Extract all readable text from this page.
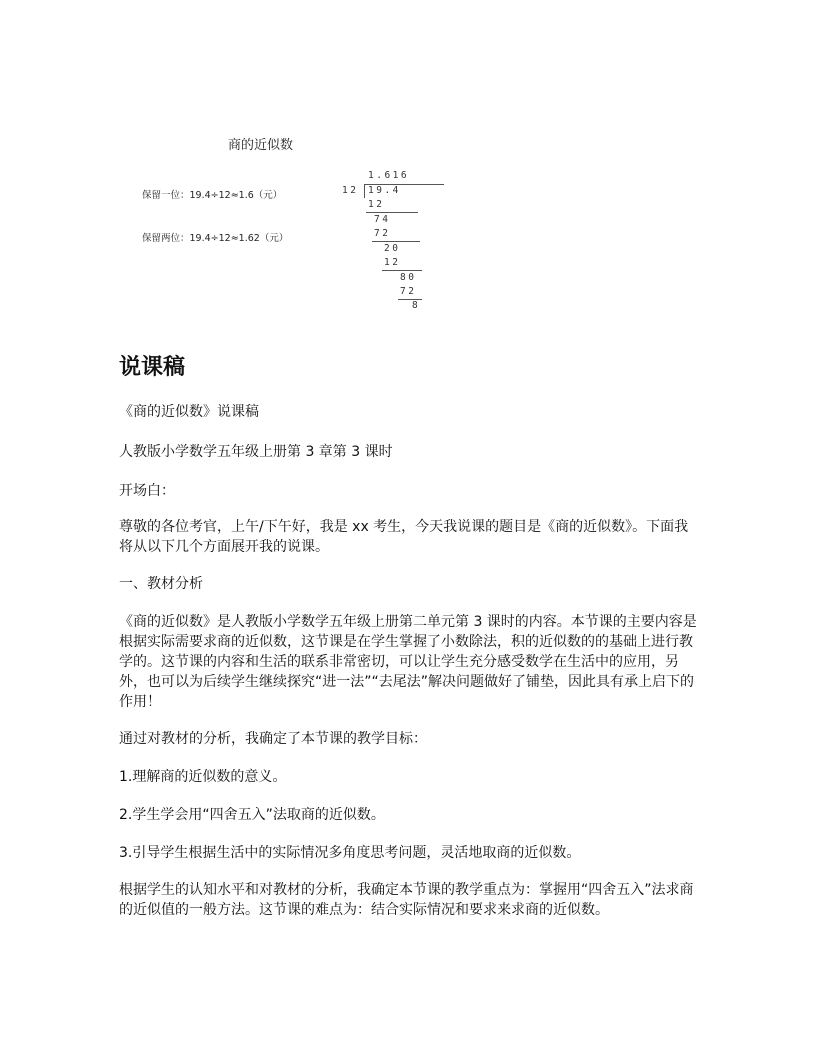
商的近似数
保留一位：19.4÷12≈1.6（元）
保留两位：19.4÷12≈1.62（元）
1.616
12 19.4
12
74
72
20
12
80
72
8
说课稿

《商的近似数》说课稿

人教版小学数学五年级上册第 3 章第 3 课时

开场白：

尊敬的各位考官，上午/下午好，我是 xx 考生，今天我说课的题目是《商的近似数》。下面我将从以下几个方面展开我的说课。

一、教材分析

《商的近似数》是人教版小学数学五年级上册第二单元第 3 课时的内容。本节课的主要内容是根据实际需要求商的近似数，这节课是在学生掌握了小数除法，积的近似数的的基础上进行教学的。这节课的内容和生活的联系非常密切，可以让学生充分感受数学在生活中的应用，另外，也可以为后续学生继续探究“进一法”“去尾法”解决问题做好了铺垫，因此具有承上启下的作用！

通过对教材的分析，我确定了本节课的教学目标：

1.理解商的近似数的意义。

2.学生学会用“四舍五入”法取商的近似数。

3.引导学生根据生活中的实际情况多角度思考问题，灵活地取商的近似数。

根据学生的认知水平和对教材的分析，我确定本节课的教学重点为：掌握用“四舍五入”法求商的近似值的一般方法。这节课的难点为：结合实际情况和要求来求商的近似数。
